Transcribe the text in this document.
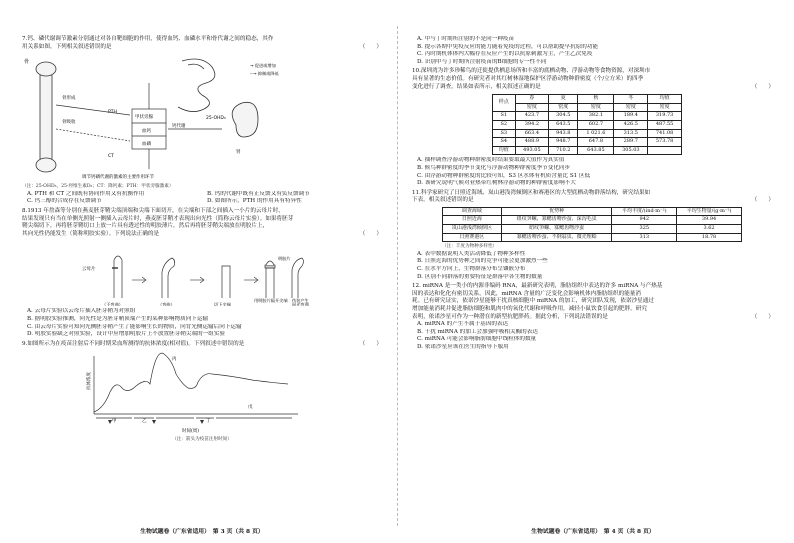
7.钙、磷代谢调节激素分别通过对各自靶细胞的作用，使得血钙、血磷水平和骨代谢之间的稳态，其作
用关系如图。下列相关叙述错误的是	（　　）
骨
骨形成
骨吸收
甲状旁腺
血钙
血磷
PTH
CT
钙代谢
肾
25-OHD₃
→ 促进或增加
--→ 抑制或降低
调节钙磷代谢的激素的主要作用环节
（注：25-OHD₃、25-羟维生素D₃；CT：降钙素；PTH：甲状旁腺激素）
A. PTH 和 CT 之间既有协同作用又有抗衡作用	B. 钙的代谢中既有正反馈又有负反馈调节
C. 钙三醇的合成存在反馈调节	D. 如图所示，PTH 的作用具有特异性
8.1913 年詹森等分别在燕麦胚芽鞘尖端顶端和尖端下面切开，在尖端和下部之间插入一小片的云母片时，
结果发现只有当在单侧光照射一侧插入云母片时，燕麦胚芽鞘才表现出向光性（简称云母片实验）。如果将胚芽
鞘尖端切下，再将胚芽鞘切口上放一片具有透过性的明胶薄片，然后再将胚芽鞘尖端放在明胶片上，
其向光性仍能发生（简称明胶实验）。下列说法正确的是	（　　）
云母片
（不弯曲）	（弯曲）	切下尖端
用明胶片隔开尖端
明胶片
伪装产生
向光弯曲
A. 云母片实验以云母片插入胚芽鞘为对照组
B. 据明胶实验推测，向光性是为胚芽鞘顶端产生的某种影响物质向下运输
C. 由云母片实验可知向光侧胚芽鞘产生了能影响生长的物质，向背光侧运输后向下运输
D. 明胶实验缺乏对照实验，设计中应增加明胶片上不放置胚芽鞘尖端的一组实验
9.如图所示为在疫苗注射后不同时期采血所测得的抗体浓度(相对值)。下列叙述中错误的是	（　　）
抗体浓度
时间(周)
甲	乙
丙
丁
戊
（注：箭头为疫苗注射时间）
生物试题卷（广东省适用）　第 3 页（共 8 页）
A. 甲与丁时期所注射的不是同一种疫苗
B. 提示各期中免疫反应的能力随着免疫的过程，可以帮助提早抗原的功能
C. 丙时期机体体内大幅存在反应产生的以抗原刺激为主，产生乙次免疫
D. 识别甲与丁时期所注射疫苗的B细胞的专一性不同
10.深圳湾为许多珍稀鸟的迁徙提供栖息场所和丰富的底栖动物、浮游动物等食物资源，对深圳市
具有显著的生态价值。有研究者对其红树林湿地保护区浮游动物种群密度（个/立方米）的四季
变化进行了调查，结果如表所示，相关叙述正确的是	（　　）
样点	春	夏	秋	冬	均值
	密度	密度	密度	密度	密度
S1	423.7	304.5	382.1	189.4	319.73
S2	394.2	643.5	602.7	426.5	487.55
S3	663.4	943.8	1 021.6	313.5	741.08
S4	488.9	948.7	647.8	289.7	573.78
均值	493.05	710.2	643.85	305.03	
A. 抽样调查浮游动物种群密度时结果要取最大值作为真实值
B. 候鸟种群密度的季节变化与浮游动物种群密度季节变化同步
C. 由浮游动物种群密度的比较可知，S3 区水体有机质含量比 S1 区低
D. 该研究说明气候对亚热带红树林浮游动物的种群密度影响不大
11.科学家研究了日照近海域、岚山港浅湾倾倒区和赛港区的大型底栖动物群落结构，研究结果如
下表。相关叙述错误的是	（　　）
调查海域	优势种	平均丰度/(ind·m⁻²)	平均生物量/(g·m⁻²)
日照近海	纽纹笋螺、寡鳃齿吻沙蚕、深沟毛虫	942	39.94
岚山港浅湾倾倒区	纽纹笋螺、寡鳃齿吻沙蚕	325	3.62
日照赛港区	寡鳃齿吻沙蚕、不倒翁虫、微壳理蛤	313	18.78
（注：丰度为物种多样性）
A. 表中数据说明人类活动降低了物种多样性
B. 日照近海的优势种之间的竞争可能会更加激烈一些
C. 在水平方向上，生物群落分布呈镶嵌分布
D. 区别不同群落的重要特征是群落中各生物的数量
12. miRNA 是一类小的内源非编码 RNA，最新研究表明，脂肪组织中表达的许多 miRNA 与产热基
因的表达和化化有密切关系，因此，miRNA 含量的广泛变化会影响机体内脂肪组织的能量消
耗。已有研究证实，依诺沙星能够干扰真核细胞中 miRNA 的加工，研究团队发现，依诺沙星通过
增加能量消耗并促进脂肪细胞和肌肉中的氧化代谢和呼吸作用，减轻小鼠饮食引起的肥胖。研究
表明，依诺沙星可作为一种潜在的新型抗肥胖药。据此分析，下列说法错误的是	（　　）
A. miRNA 的产生不属于基因的表达
B. 干扰 miRNA 的加工会加强呼吸相关酶的表达
C. miRNA 可能会影响脂肪细胞中线粒体的数量
D. 依诺沙星应该在医生的指导下服用
生物试题卷（广东省适用）　第 4 页（共 8 页）
